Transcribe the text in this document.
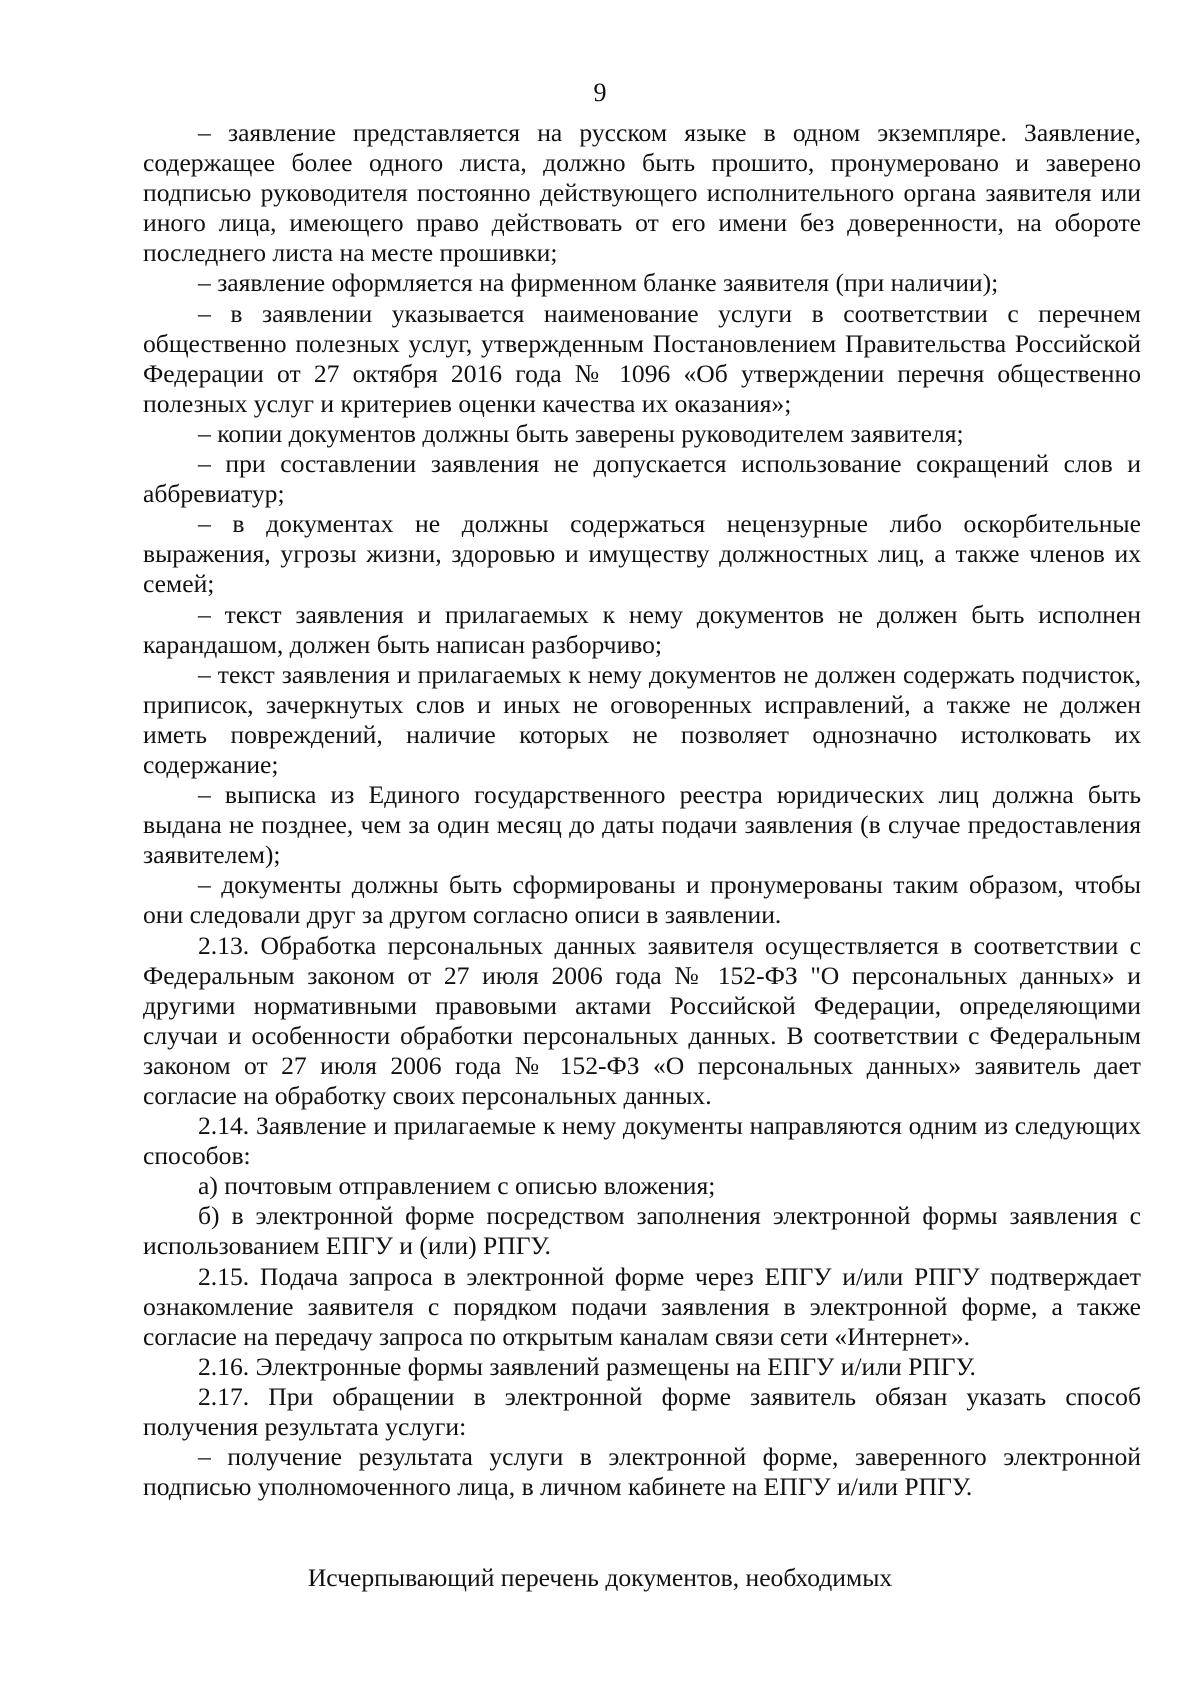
9

– заявление представляется на русском языке в одном экземпляре. Заявление, содержащее более одного листа, должно быть прошито, пронумеровано и заверено подписью руководителя постоянно действующего исполнительного органа заявителя или иного лица, имеющего право действовать от его имени без доверенности, на обороте последнего листа на месте прошивки;

– заявление оформляется на фирменном бланке заявителя (при наличии);

– в заявлении указывается наименование услуги в соответствии с перечнем общественно полезных услуг, утвержденным Постановлением Правительства Российской Федерации от 27 октября 2016 года № 1096 «Об утверждении перечня общественно полезных услуг и критериев оценки качества их оказания»;

– копии документов должны быть заверены руководителем заявителя;

– при составлении заявления не допускается использование сокращений слов и аббревиатур;

– в документах не должны содержаться нецензурные либо оскорбительные выражения, угрозы жизни, здоровью и имуществу должностных лиц, а также членов их семей;

– текст заявления и прилагаемых к нему документов не должен быть исполнен карандашом, должен быть написан разборчиво;

– текст заявления и прилагаемых к нему документов не должен содержать подчисток, приписок, зачеркнутых слов и иных не оговоренных исправлений, а также не должен иметь повреждений, наличие которых не позволяет однозначно истолковать их содержание;

– выписка из Единого государственного реестра юридических лиц должна быть выдана не позднее, чем за один месяц до даты подачи заявления (в случае предоставления заявителем);

– документы должны быть сформированы и пронумерованы таким образом, чтобы они следовали друг за другом согласно описи в заявлении.

2.13. Обработка персональных данных заявителя осуществляется в соответствии с Федеральным законом от 27 июля 2006 года № 152-ФЗ "О персональных данных» и другими нормативными правовыми актами Российской Федерации, определяющими случаи и особенности обработки персональных данных. В соответствии с Федеральным законом от 27 июля 2006 года № 152-ФЗ «О персональных данных» заявитель дает согласие на обработку своих персональных данных.

2.14. Заявление и прилагаемые к нему документы направляются одним из следующих способов:

а) почтовым отправлением с описью вложения;

б) в электронной форме посредством заполнения электронной формы заявления с использованием ЕПГУ и (или) РПГУ.

2.15. Подача запроса в электронной форме через ЕПГУ и/или РПГУ подтверждает ознакомление заявителя с порядком подачи заявления в электронной форме, а также согласие на передачу запроса по открытым каналам связи сети «Интернет».

2.16. Электронные формы заявлений размещены на ЕПГУ и/или РПГУ.

2.17. При обращении в электронной форме заявитель обязан указать способ получения результата услуги:

– получение результата услуги в электронной форме, заверенного электронной подписью уполномоченного лица, в личном кабинете на ЕПГУ и/или РПГУ.

Исчерпывающий перечень документов, необходимых
